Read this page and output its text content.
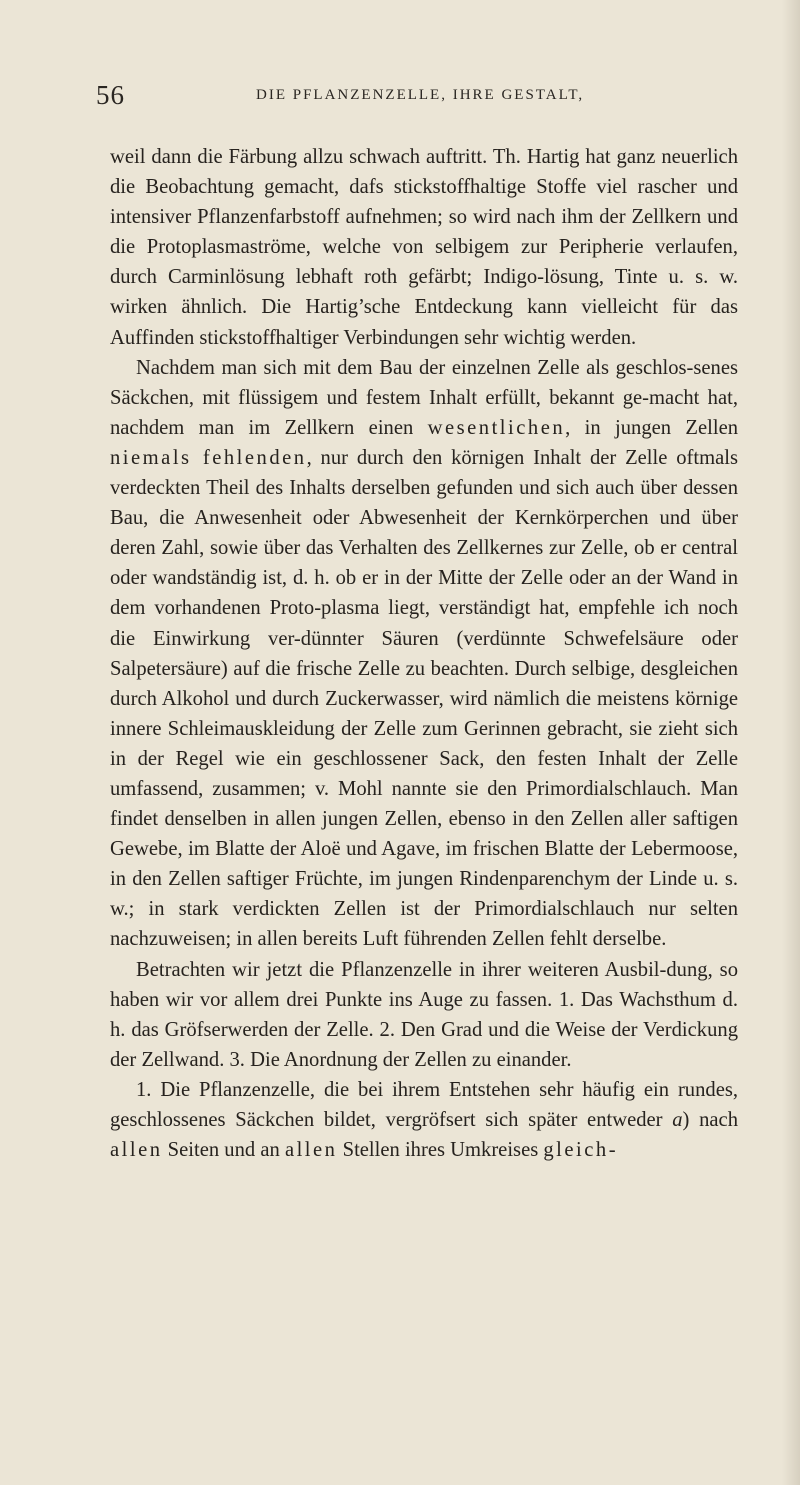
56	DIE PFLANZENZELLE, IHRE GESTALT,

weil dann die Färbung allzu schwach auftritt. Th. Hartig hat ganz neuerlich die Beobachtung gemacht, dafs stickstoffhaltige Stoffe viel rascher und intensiver Pflanzenfarbstoff aufnehmen; so wird nach ihm der Zellkern und die Protoplasmaströme, welche von selbigem zur Peripherie verlaufen, durch Carminlösung lebhaft roth gefärbt; Indigo-lösung, Tinte u. s. w. wirken ähnlich. Die Hartig’sche Entdeckung kann vielleicht für das Auffinden stickstoffhaltiger Verbindungen sehr wichtig werden.

Nachdem man sich mit dem Bau der einzelnen Zelle als geschlos-senes Säckchen, mit flüssigem und festem Inhalt erfüllt, bekannt ge-macht hat, nachdem man im Zellkern einen wesentlichen, in jungen Zellen niemals fehlenden, nur durch den körnigen Inhalt der Zelle oftmals verdeckten Theil des Inhalts derselben gefunden und sich auch über dessen Bau, die Anwesenheit oder Abwesenheit der Kernkörperchen und über deren Zahl, sowie über das Verhalten des Zellkernes zur Zelle, ob er central oder wandständig ist, d. h. ob er in der Mitte der Zelle oder an der Wand in dem vorhandenen Proto-plasma liegt, verständigt hat, empfehle ich noch die Einwirkung ver-dünnter Säuren (verdünnte Schwefelsäure oder Salpetersäure) auf die frische Zelle zu beachten. Durch selbige, desgleichen durch Alkohol und durch Zuckerwasser, wird nämlich die meistens körnige innere Schleimauskleidung der Zelle zum Gerinnen gebracht, sie zieht sich in der Regel wie ein geschlossener Sack, den festen Inhalt der Zelle umfassend, zusammen; v. Mohl nannte sie den Primordialschlauch. Man findet denselben in allen jungen Zellen, ebenso in den Zellen aller saftigen Gewebe, im Blatte der Aloë und Agave, im frischen Blatte der Lebermoose, in den Zellen saftiger Früchte, im jungen Rindenparenchym der Linde u. s. w.; in stark verdickten Zellen ist der Primordialschlauch nur selten nachzuweisen; in allen bereits Luft führenden Zellen fehlt derselbe.

Betrachten wir jetzt die Pflanzenzelle in ihrer weiteren Ausbil-dung, so haben wir vor allem drei Punkte ins Auge zu fassen. 1. Das Wachsthum d. h. das Gröfserwerden der Zelle. 2. Den Grad und die Weise der Verdickung der Zellwand. 3. Die Anordnung der Zellen zu einander.

1. Die Pflanzenzelle, die bei ihrem Entstehen sehr häufig ein rundes, geschlossenes Säckchen bildet, vergröfsert sich später entweder a) nach allen Seiten und an allen Stellen ihres Umkreises gleich-
